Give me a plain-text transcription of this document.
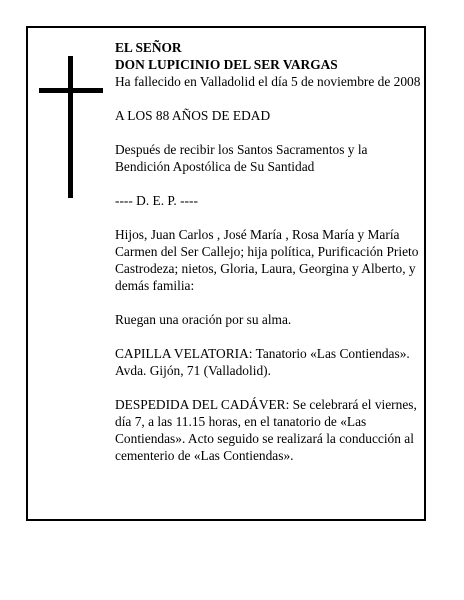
EL SEÑOR
DON LUPICINIO DEL SER VARGAS

Ha fallecido en Valladolid el día 5 de noviembre de 2008

A LOS 88 AÑOS DE EDAD

Después de recibir los Santos Sacramentos y la Bendición Apostólica de Su Santidad

---- D. E. P. ----

Hijos, Juan Carlos , José María , Rosa María y María Carmen del Ser Callejo; hija política, Purificación Prieto Castrodeza; nietos, Gloria, Laura, Georgina y Alberto, y demás familia:

Ruegan una oración por su alma.

CAPILLA VELATORIA: Tanatorio «Las Contiendas». Avda. Gijón, 71 (Valladolid).

DESPEDIDA DEL CADÁVER: Se celebrará el viernes, día 7, a las 11.15 horas, en el tanatorio de «Las Contiendas». Acto seguido se realizará la conducción al cementerio de «Las Contiendas».
